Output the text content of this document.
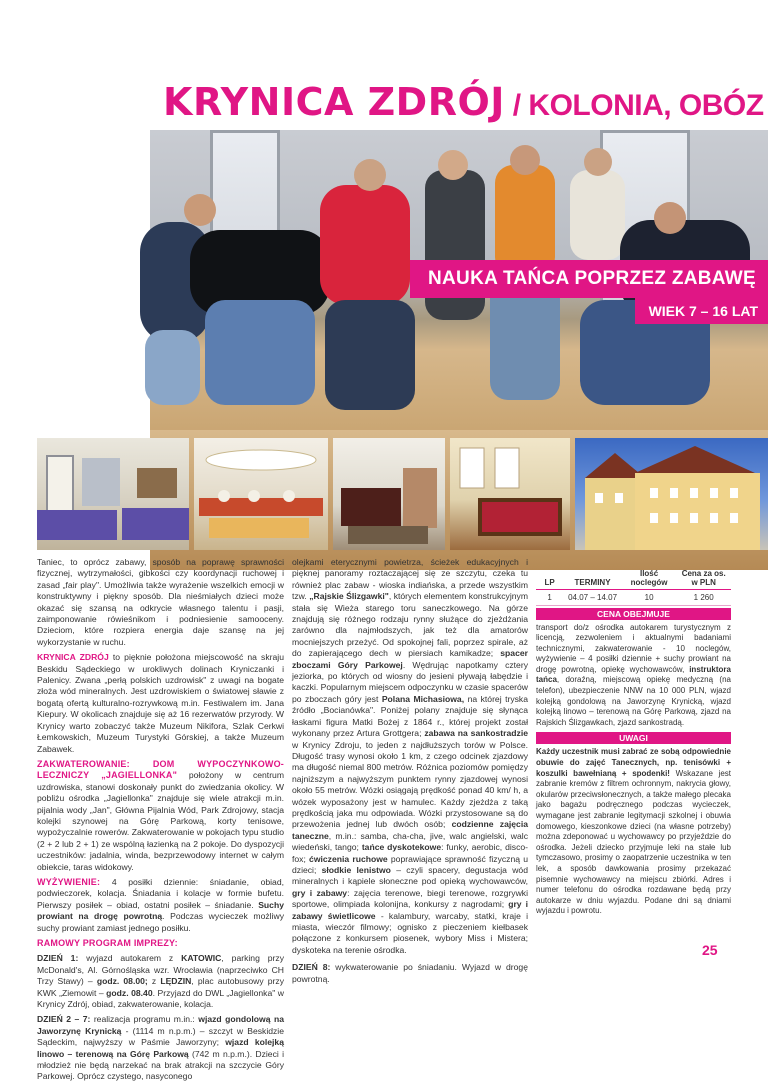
KRYNICA ZDRÓJ / KOLONIA, OBÓZ
NAUKA TAŃCA POPRZEZ ZABAWĘ
WIEK 7 – 16 LAT

Taniec, to oprócz zabawy, sposób na poprawę sprawności fizycznej, wytrzymałości, gibkości czy koordynacji ruchowej i zasad „fair play". Umożliwia także wyrażenie wszelkich emocji w konstruktywny i piękny sposób. Dla nieśmiałych dzieci może okazać się szansą na odkrycie własnego talentu i pasji, zaimponowanie rówieśnikom i podniesienie samooceny. Dzieciom, które rozpiera energia daje szansę na jej wykorzystanie w ruchu.

KRYNICA ZDRÓJ to pięknie położona miejscowość na skraju Beskidu Sądeckiego w urokliwych dolinach Kryniczanki i Palenicy. Zwana „perłą polskich uzdrowisk" z uwagi na bogate złoża wód mineralnych. Jest uzdrowiskiem o światowej sławie z bogatą ofertą kulturalno-rozrywkową m.in. Festiwalem im. Jana Kiepury. W okolicach znajduje się aż 16 rezerwatów przyrody. W Krynicy warto zobaczyć także Muzeum Nikifora, Szlak Cerkwi Łemkowskich, Muzeum Turystyki Górskiej, a także Muzeum Zabawek.

ZAKWATEROWANIE: DOM WYPOCZYNKOWO-LECZNICZY „JAGIELLONKA" położony w centrum uzdrowiska, stanowi doskonały punkt do zwiedzania okolicy. W pobliżu ośrodka „Jagiellonka" znajduje się wiele atrakcji m.in. pijalnia wody „Jan", Główna Pijalnia Wód, Park Zdrojowy, stacja kolejki szynowej na Górę Parkową, korty tenisowe, wypożyczalnie rowerów. Zakwaterowanie w pokojach typu studio (2 + 2 lub 2 + 1) ze wspólną łazienką na 2 pokoje. Do dyspozycji uczestników: jadalnia, winda, bezprzewodowy internet w całym obiekcie, taras widokowy.

WYŻYWIENIE: 4 posiłki dziennie: śniadanie, obiad, podwieczorek, kolacja. Śniadania i kolacje w formie bufetu. Pierwszy posiłek – obiad, ostatni posiłek – śniadanie. Suchy prowiant na drogę powrotną. Podczas wycieczek możliwy suchy prowiant zamiast jednego posiłku.

RAMOWY PROGRAM IMPREZY:

DZIEŃ 1: wyjazd autokarem z KATOWIC, parking przy McDonald's, Al. Górnośląska wzr. Wrocławia (naprzeciwko CH Trzy Stawy) – godz. 08.00; z LĘDZIN, plac autobusowy przy KWK „Ziemowit – godz. 08.40. Przyjazd do DWL „Jagiellonka" w Krynicy Zdrój, obiad, zakwaterowanie, kolacja.

DZIEŃ 2 – 7: realizacja programu m.in.: wjazd gondolową na Jaworzynę Krynicką - (1114 m n.p.m.) – szczyt w Beskidzie Sądeckim, najwyższy w Paśmie Jaworzyny; wjazd kolejką linowo – terenową na Górę Parkową (742 m n.p.m.). Dzieci i młodzież nie będą narzekać na brak atrakcji na szczycie Góry Parkowej. Oprócz czystego, nasyconego

olejkami eterycznymi powietrza, ścieżek edukacyjnych i pięknej panoramy roztaczającej się ze szczytu, czeka tu również plac zabaw - wioska indiańska, a przede wszystkim tzw. „Rajskie Ślizgawki", których elementem konstrukcyjnym stała się Wieża starego toru saneczkowego. Na górze znajdują się różnego rodzaju rynny służące do zjeżdżania zarówno dla najmłodszych, jak też dla amatorów mocniejszych przeżyć. Od spokojnej fali, poprzez spirale, aż do zapierającego dech w piersiach kamikadze; spacer zboczami Góry Parkowej. Wędrując napotkamy cztery jeziorka, po których od wiosny do jesieni pływają łabędzie i kaczki. Popularnym miejscem odpoczynku w czasie spacerów po zboczach góry jest Polana Michasiowa, na której tryska źródło „Bocianówka". Poniżej polany znajduje się słynąca łaskami figura Matki Bożej z 1864 r., której projekt został wykonany przez Artura Grottgera; zabawa na sankostradzie w Krynicy Zdroju, to jeden z najdłuższych torów w Polsce. Długość trasy wynosi około 1 km, z czego odcinek zjazdowy ma długość niemal 800 metrów. Różnica poziomów pomiędzy najniższym a najwyższym punktem rynny zjazdowej wynosi około 55 metrów. Wózki osiągają prędkość ponad 40 km/ h, a wózek wyposażony jest w hamulec. Każdy zjeżdża z taką prędkością jaka mu odpowiada. Wózki przystosowane są do przewożenia jednej lub dwóch osób; codzienne zajęcia taneczne, m.in.: samba, cha-cha, jive, walc angielski, walc wiedeński, tango; tańce dyskotekowe: funky, aerobic, disco-fox; ćwiczenia ruchowe poprawiające sprawność fizyczną u dzieci; słodkie lenistwo – czyli spacery, degustacja wód mineralnych i kąpiele słoneczne pod opieką wychowawców, gry i zabawy: zajęcia terenowe, biegi terenowe, rozgrywki sportowe, olimpiada kolonijna, konkursy z nagrodami; gry i zabawy świetlicowe - kalambury, warcaby, statki, kraje i miasta, wieczór filmowy; ognisko z pieczeniem kiełbasek połączone z konkursem piosenek, wybory Miss i Mistera; dyskoteka na terenie ośrodka.

DZIEŃ 8: wykwaterowanie po śniadaniu. Wyjazd w drogę powrotną.

LP	TERMINY	Ilość noclegów	Cena za os. w PLN
1	04.07 – 14.07	10	1 260
CENA OBEJMUJE

transport do/z ośrodka autokarem turystycznym z licencją, zezwoleniem i aktualnymi badaniami technicznymi, zakwaterowanie - 10 noclegów, wyżywienie – 4 posiłki dziennie + suchy prowiant na drogę powrotną, opiekę wychowawców, instruktora tańca, doraźną, miejscową opiekę medyczną (na telefon), ubezpieczenie NNW na 10 000 PLN, wjazd kolejką gondolową na Jaworzynę Krynicką, wjazd kolejką linowo – terenową na Górę Parkową, zjazd na Rajskich Ślizgawkach, zjazd sankostradą.

UWAGI

Każdy uczestnik musi zabrać ze sobą odpowiednie obuwie do zajęć Tanecznych, np. tenisówki + koszulki bawełnianą + spodenki! Wskazane jest zabranie kremów z filtrem ochronnym, nakrycia głowy, okularów przeciwsłonecznych, a także małego plecaka jako bagażu podręcznego podczas wycieczek, wymagane jest zabranie legitymacji szkolnej i obuwia domowego, kieszonkowe dzieci (na własne potrzeby) można zdeponować u wychowawcy po przyjeździe do ośrodka. Jeżeli dziecko przyjmuje leki na stałe lub tymczasowo, prosimy o zaopatrzenie uczestnika w ten lek, a sposób dawkowania prosimy przekazać pisemnie wychowawcy na miejscu zbiórki. Adres i numer telefonu do ośrodka rozdawane będą przy autokarze w dniu wyjazdu. Podane dni są dniami wyjazdu i powrotu.

25
